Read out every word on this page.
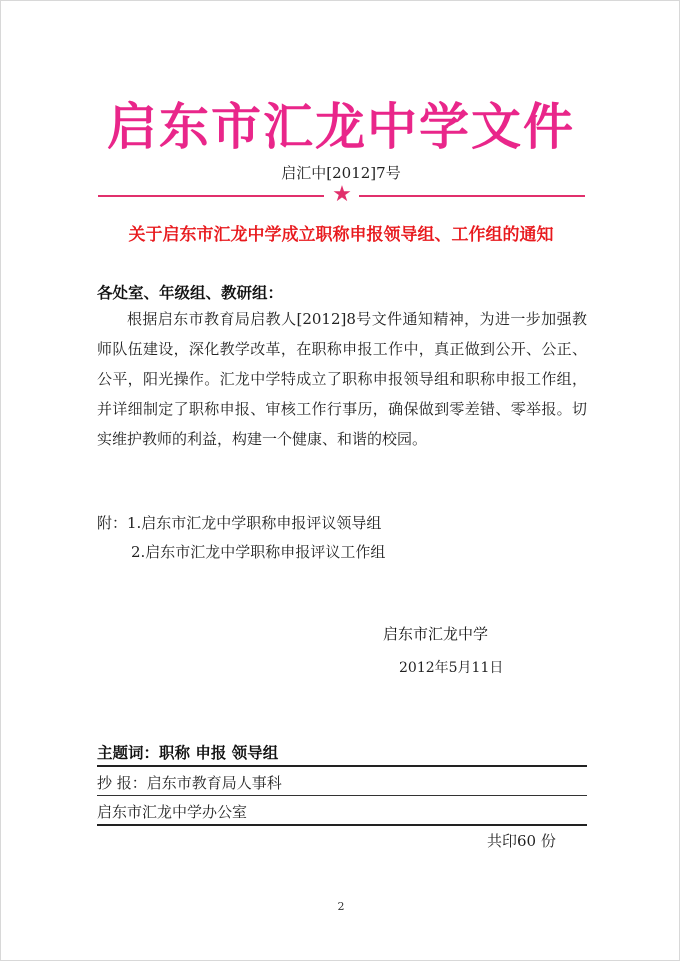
启东市汇龙中学文件
启汇中[2012]7号
★
关于启东市汇龙中学成立职称申报领导组、工作组的通知
各处室、年级组、教研组：
根据启东市教育局启教人[2012]8号文件通知精神，为进一步加强教师队伍建设，深化教学改革，在职称申报工作中，真正做到公开、公正、公平，阳光操作。汇龙中学特成立了职称申报领导组和职称申报工作组，并详细制定了职称申报、审核工作行事历，确保做到零差错、零举报。切实维护教师的利益，构建一个健康、和谐的校园。
附：1.启东市汇龙中学职称申报评议领导组
2.启东市汇龙中学职称申报评议工作组
启东市汇龙中学
2012年5月11日
主题词：职称 申报 领导组
抄 报：启东市教育局人事科
启东市汇龙中学办公室
共印60 份
2
